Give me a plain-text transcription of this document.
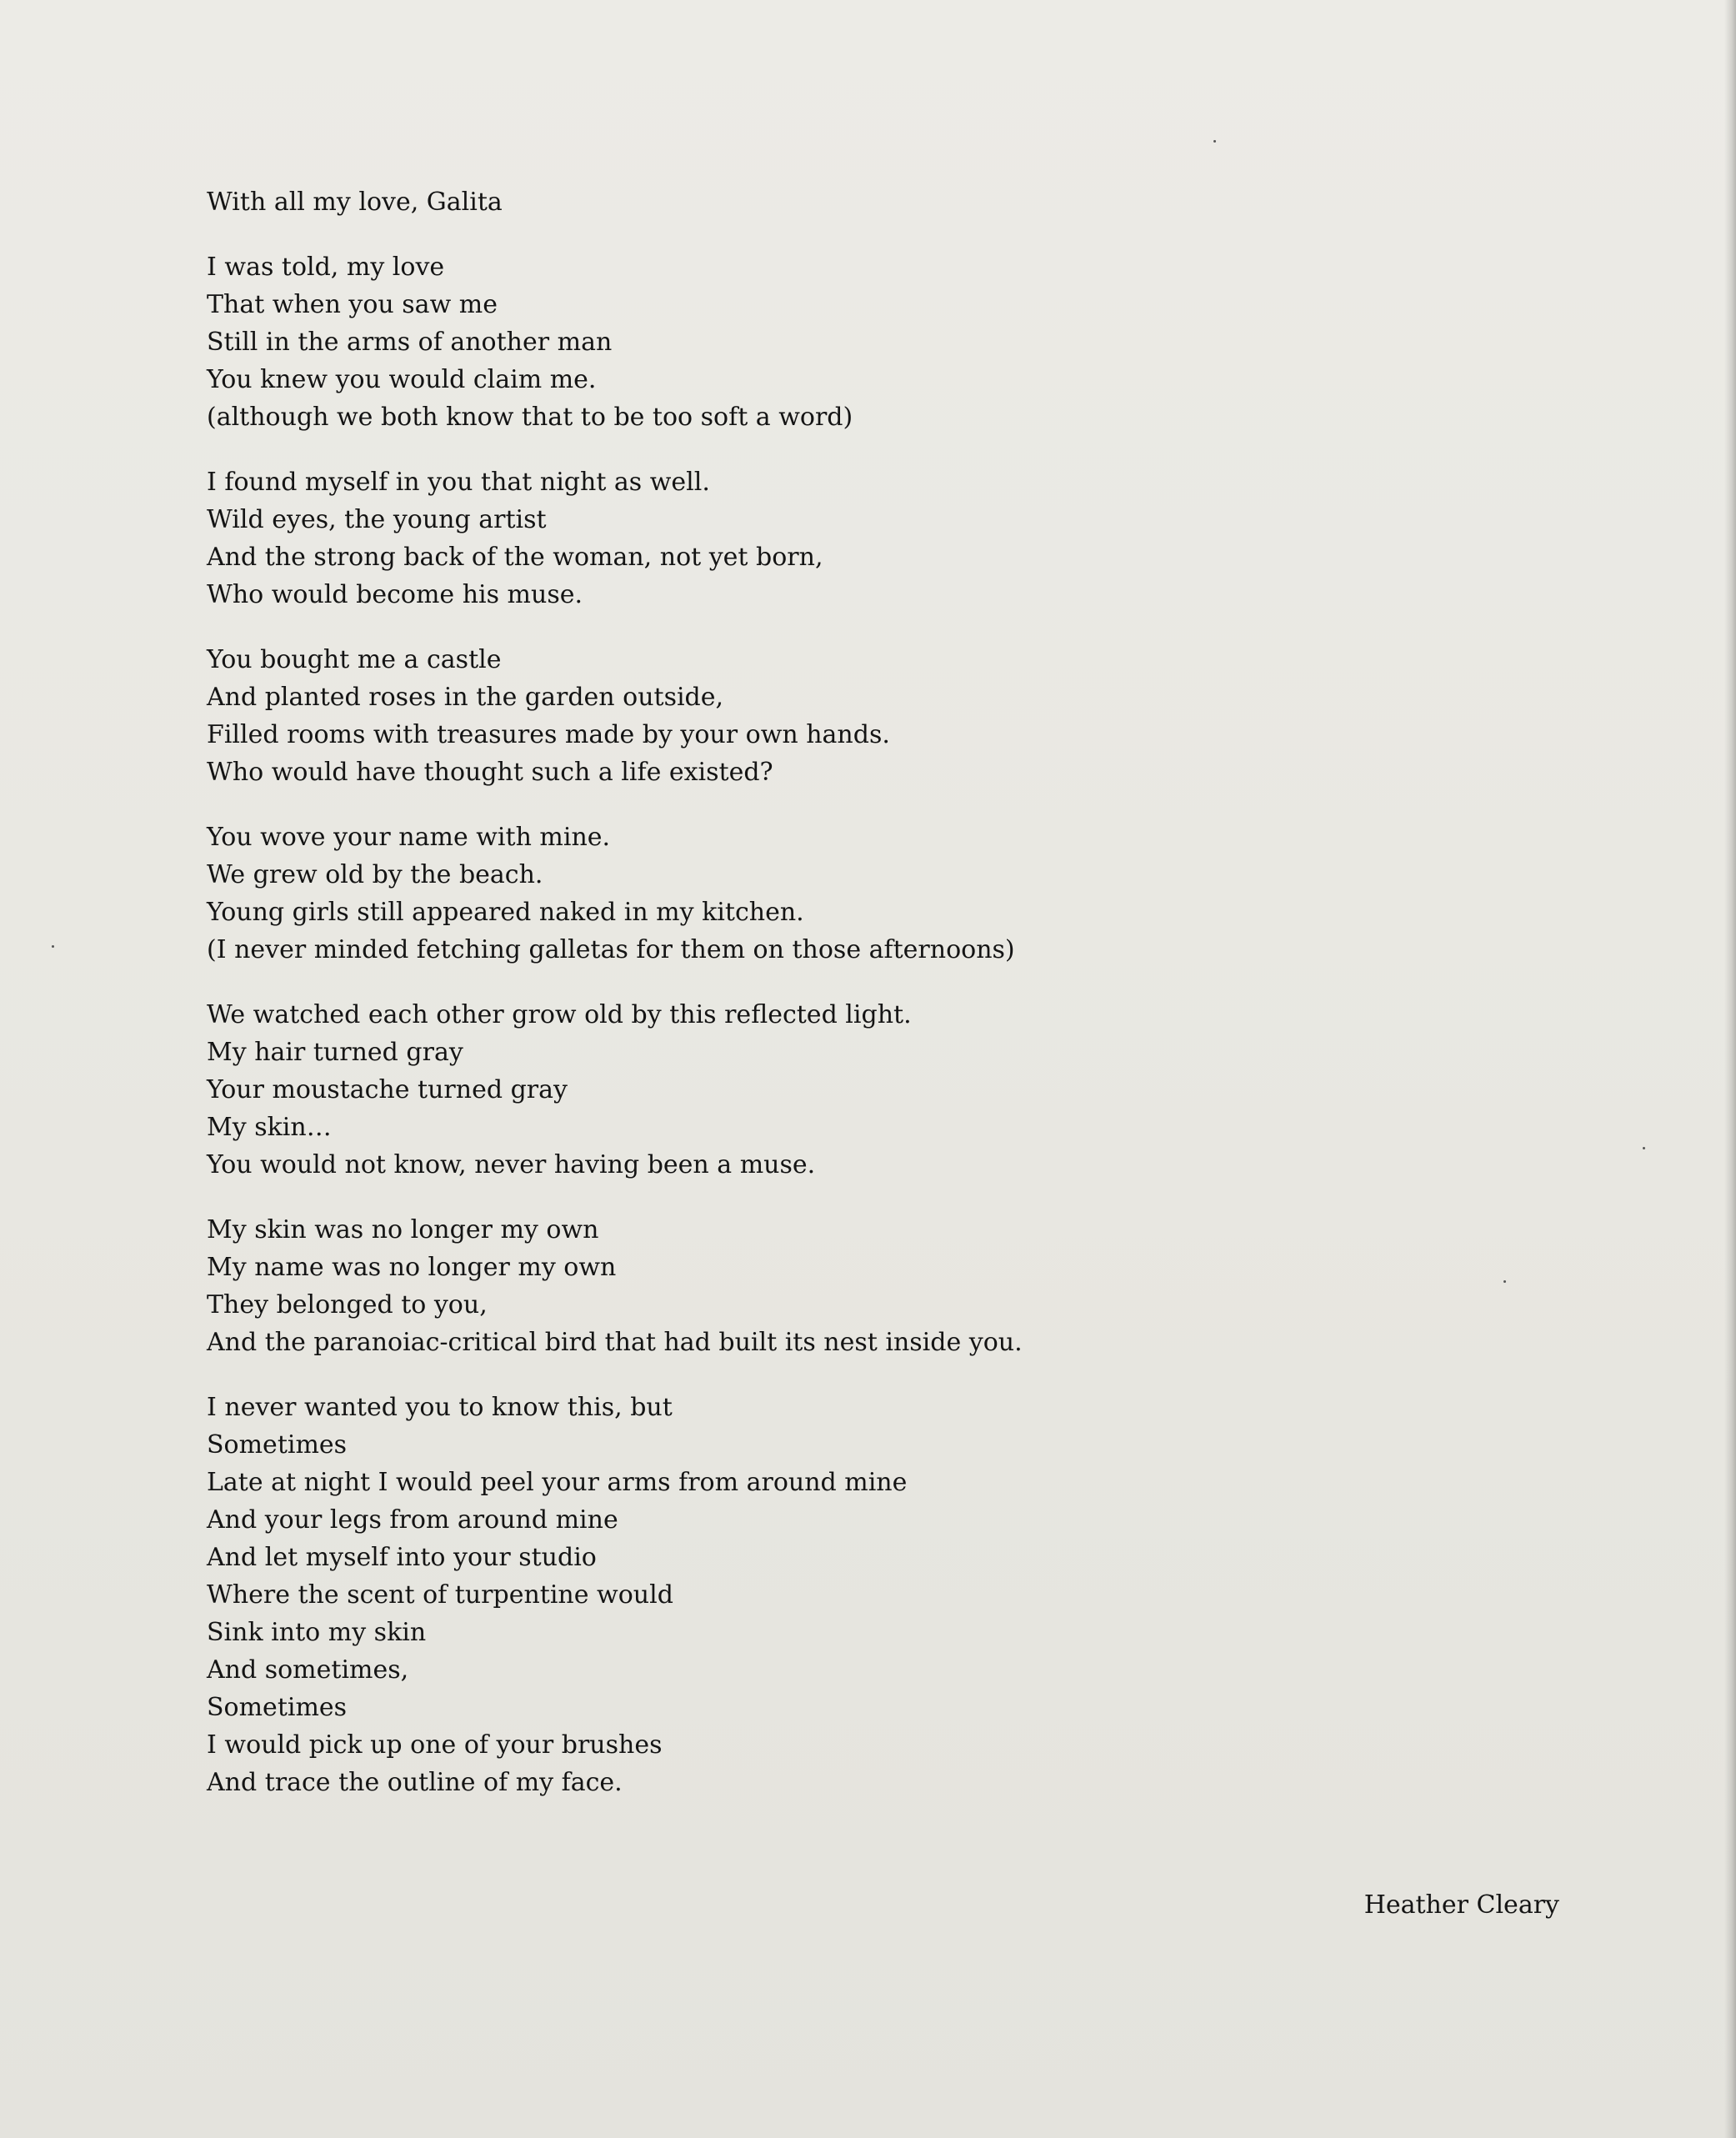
With all my love, Galita
I was told, my love
That when you saw me
Still in the arms of another man
You knew you would claim me.
(although we both know that to be too soft a word)
I found myself in you that night as well.
Wild eyes, the young artist
And the strong back of the woman, not yet born,
Who would become his muse.
You bought me a castle
And planted roses in the garden outside,
Filled rooms with treasures made by your own hands.
Who would have thought such a life existed?
You wove your name with mine.
We grew old by the beach.
Young girls still appeared naked in my kitchen.
(I never minded fetching galletas for them on those afternoons)
We watched each other grow old by this reflected light.
My hair turned gray
Your moustache turned gray
My skin…
You would not know, never having been a muse.
My skin was no longer my own
My name was no longer my own
They belonged to you,
And the paranoiac-critical bird that had built its nest inside you.
I never wanted you to know this, but
Sometimes
Late at night I would peel your arms from around mine
And your legs from around mine
And let myself into your studio
Where the scent of turpentine would
Sink into my skin
And sometimes,
Sometimes
I would pick up one of your brushes
And trace the outline of my face.
Heather Cleary
